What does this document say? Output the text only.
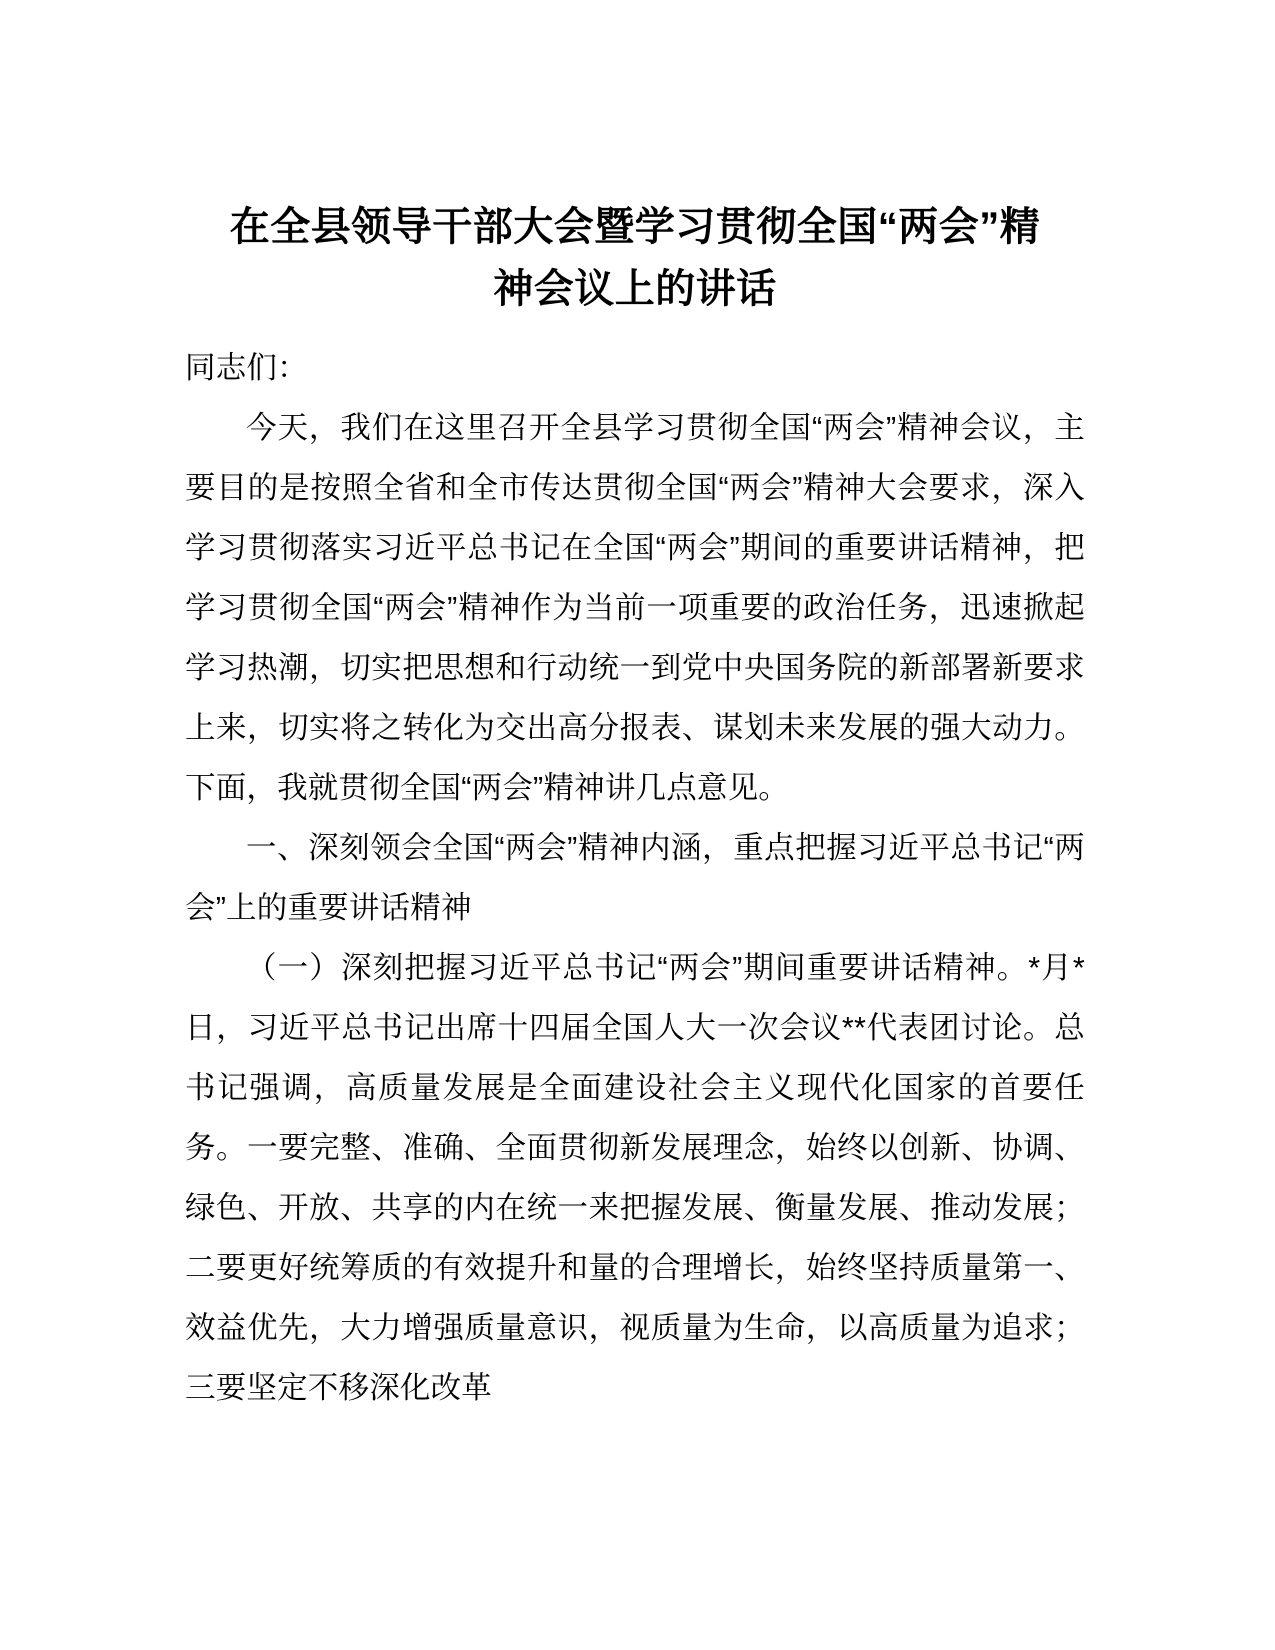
在全县领导干部大会暨学习贯彻全国“两会”精神会议上的讲话

同志们：

今天，我们在这里召开全县学习贯彻全国“两会”精神会议，主要目的是按照全省和全市传达贯彻全国“两会”精神大会要求，深入学习贯彻落实习近平总书记在全国“两会”期间的重要讲话精神，把学习贯彻全国“两会”精神作为当前一项重要的政治任务，迅速掀起学习热潮，切实把思想和行动统一到党中央国务院的新部署新要求上来，切实将之转化为交出高分报表、谋划未来发展的强大动力。下面，我就贯彻全国“两会”精神讲几点意见。

一、深刻领会全国“两会”精神内涵，重点把握习近平总书记“两会”上的重要讲话精神

（一）深刻把握习近平总书记“两会”期间重要讲话精神。*月*日，习近平总书记出席十四届全国人大一次会议**代表团讨论。总书记强调，高质量发展是全面建设社会主义现代化国家的首要任务。一要完整、准确、全面贯彻新发展理念，始终以创新、协调、绿色、开放、共享的内在统一来把握发展、衡量发展、推动发展；二要更好统筹质的有效提升和量的合理增长，始终坚持质量第一、效益优先，大力增强质量意识，视质量为生命，以高质量为追求；三要坚定不移深化改革
